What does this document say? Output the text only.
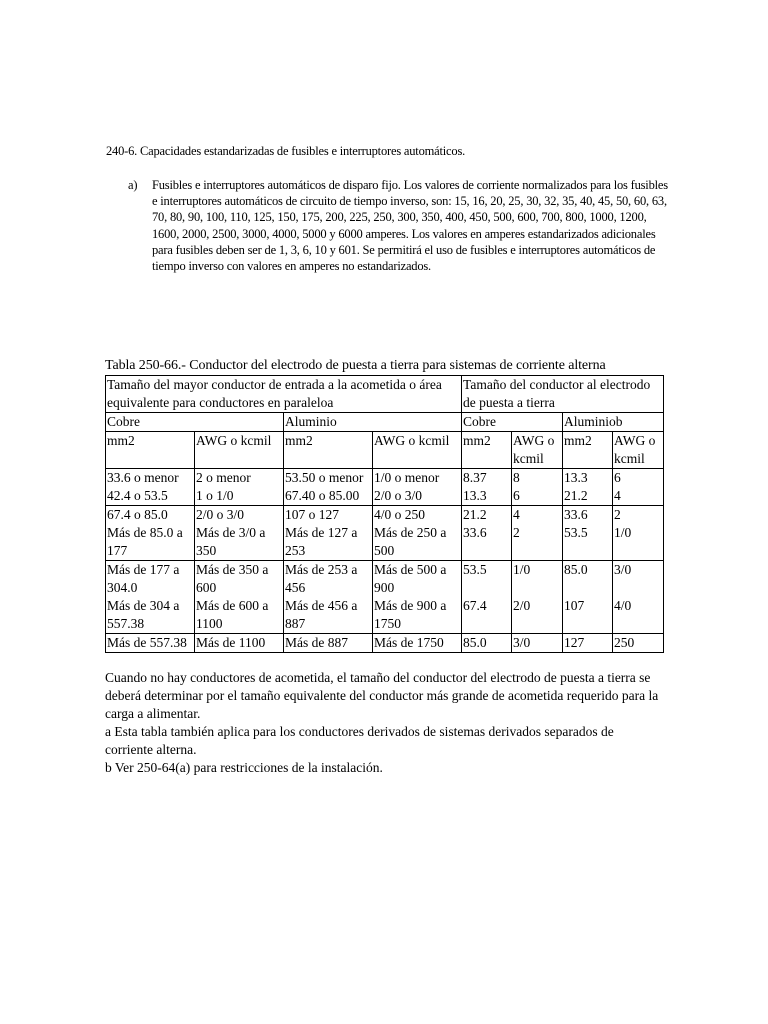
240-6. Capacidades estandarizadas de fusibles e interruptores automáticos.
a) Fusibles e interruptores automáticos de disparo fijo. Los valores de corriente normalizados para los fusibles e interruptores automáticos de circuito de tiempo inverso, son: 15, 16, 20, 25, 30, 32, 35, 40, 45, 50, 60, 63, 70, 80, 90, 100, 110, 125, 150, 175, 200, 225, 250, 300, 350, 400, 450, 500, 600, 700, 800, 1000, 1200, 1600, 2000, 2500, 3000, 4000, 5000 y 6000 amperes. Los valores en amperes estandarizados adicionales para fusibles deben ser de 1, 3, 6, 10 y 601. Se permitirá el uso de fusibles e interruptores automáticos de tiempo inverso con valores en amperes no estandarizados.
Tabla 250-66.- Conductor del electrodo de puesta a tierra para sistemas de corriente alterna
Tamaño del mayor conductor de entrada a la acometida o área equivalente para conductores en paraleloa				Tamaño del conductor al electrodo de puesta a tierra			
Cobre		Aluminio		Cobre		Aluminiob	
mm2	AWG o kcmil	mm2	AWG o kcmil	mm2	AWG o kcmil	mm2	AWG o kcmil
33.6 o menor	2 o menor	53.50 o menor	1/0 o menor	8.37	8	13.3	6
42.4 o 53.5	1 o 1/0	67.40 o 85.00	2/0 o 3/0	13.3	6	21.2	4
67.4 o 85.0	2/0 o 3/0	107 o 127	4/0 o 250	21.2	4	33.6	2
Más de 85.0 a 177	Más de 3/0 a 350	Más de 127 a 253	Más de 250 a 500	33.6	2	53.5	1/0
Más de 177 a 304.0	Más de 350 a 600	Más de 253 a 456	Más de 500 a 900	53.5	1/0	85.0	3/0
Más de 304 a 557.38	Más de 600 a 1100	Más de 456 a 887	Más de 900 a 1750	67.4	2/0	107	4/0
Más de 557.38	Más de 1100	Más de 887	Más de 1750	85.0	3/0	127	250

Cuando no hay conductores de acometida, el tamaño del conductor del electrodo de puesta a tierra se deberá determinar por el tamaño equivalente del conductor más grande de acometida requerido para la carga a alimentar.

a Esta tabla también aplica para los conductores derivados de sistemas derivados separados de corriente alterna.

b Ver 250-64(a) para restricciones de la instalación.
